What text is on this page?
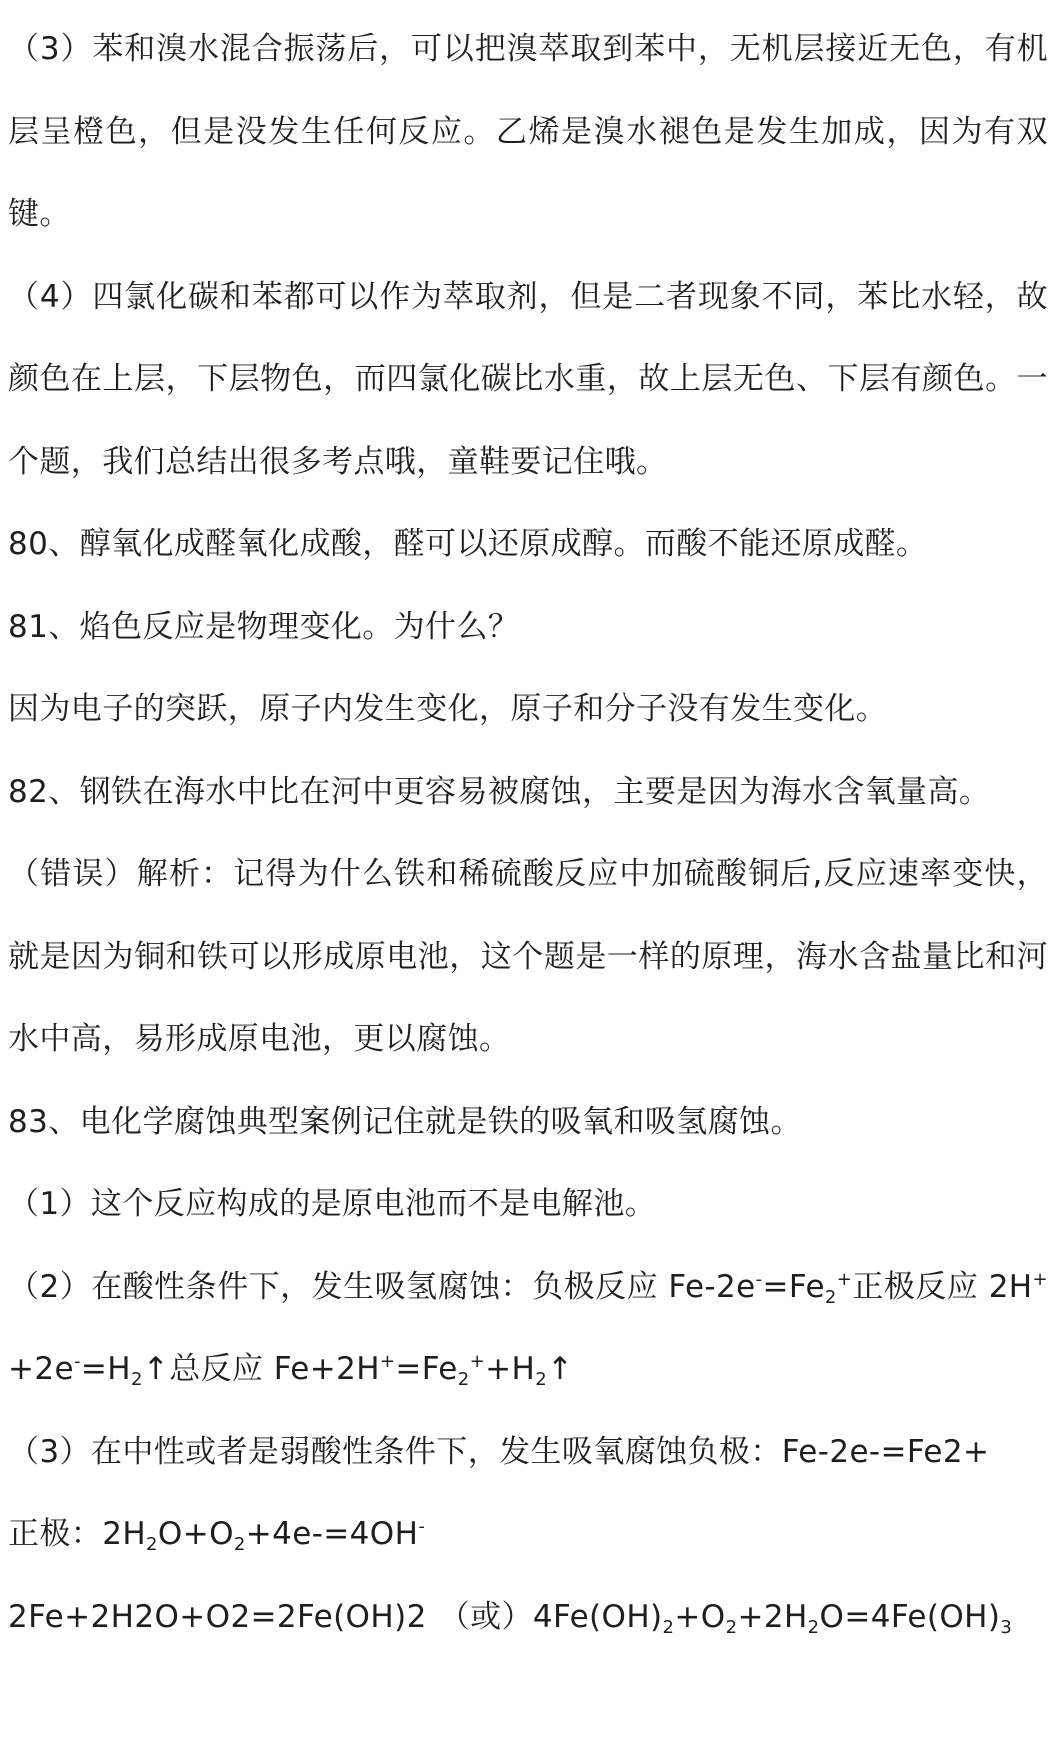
（3）苯和溴水混合振荡后，可以把溴萃取到苯中，无机层接近无色，有机层呈橙色，但是没发生任何反应。乙烯是溴水褪色是发生加成，因为有双键。

（4）四氯化碳和苯都可以作为萃取剂，但是二者现象不同，苯比水轻，故颜色在上层，下层物色，而四氯化碳比水重，故上层无色、下层有颜色。一个题，我们总结出很多考点哦，童鞋要记住哦。

80、醇氧化成醛氧化成酸，醛可以还原成醇。而酸不能还原成醛。

81、焰色反应是物理变化。为什么？

因为电子的突跃，原子内发生变化，原子和分子没有发生变化。

82、钢铁在海水中比在河中更容易被腐蚀，主要是因为海水含氧量高。

（错误）解析：记得为什么铁和稀硫酸反应中加硫酸铜后,反应速率变快，就是因为铜和铁可以形成原电池，这个题是一样的原理，海水含盐量比和河水中高，易形成原电池，更以腐蚀。

83、电化学腐蚀典型案例记住就是铁的吸氧和吸氢腐蚀。

（1）这个反应构成的是原电池而不是电解池。

（2）在酸性条件下，发生吸氢腐蚀：负极反应 $Fe-2e^-=Fe_2^+$正极反应 $2H^++2e^-=H_2↑$总反应 $Fe+2H^+=Fe_2^++H_2↑$

（3）在中性或者是弱酸性条件下，发生吸氧腐蚀负极：Fe-2e-=Fe2+

正极：$2H_2O+O_2+4e-=4OH^-$

2Fe+2H2O+O2=2Fe(OH)2 （或）$4Fe(OH)_2+O_2+2H_2O=4Fe(OH)_3$
